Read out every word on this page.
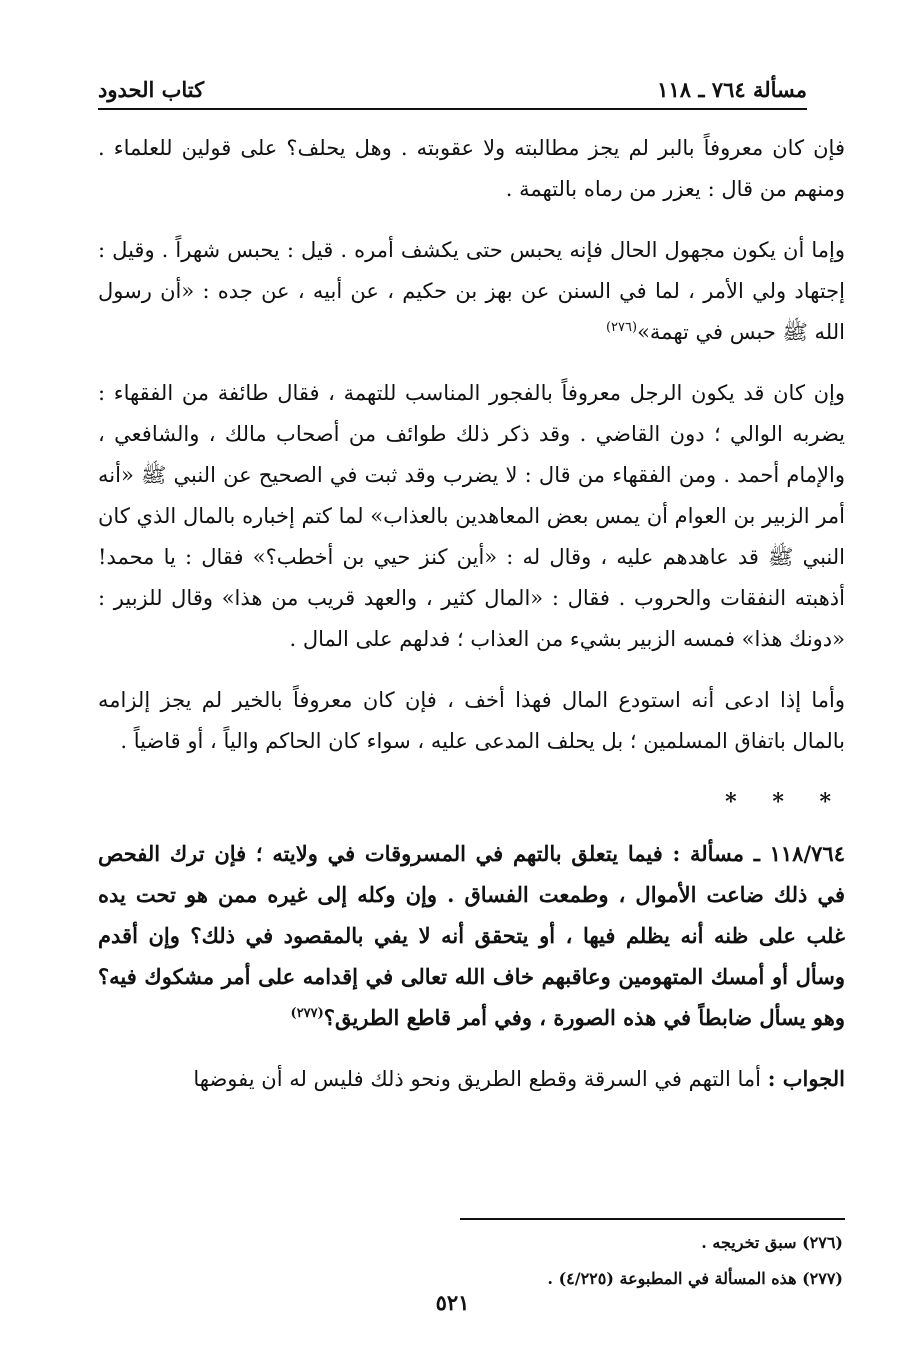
مسألة ٧٦٤ ـ ١١٨
كتاب الحدود

فإن كان معروفاً بالبر لم يجز مطالبته ولا عقوبته . وهل يحلف؟ على قولين للعلماء . ومنهم من قال : يعزر من رماه بالتهمة .

وإما أن يكون مجهول الحال فإنه يحبس حتى يكشف أمره . قيل : يحبس شهراً . وقيل : إجتهاد ولي الأمر ، لما في السنن عن بهز بن حكيم ، عن أبيه ، عن جده : «أن رسول الله ﷺ حبس في تهمة»$^{(٢٧٦)}$

وإن كان قد يكون الرجل معروفاً بالفجور المناسب للتهمة ، فقال طائفة من الفقهاء : يضربه الوالي ؛ دون القاضي . وقد ذكر ذلك طوائف من أصحاب مالك ، والشافعي ، والإمام أحمد . ومن الفقهاء من قال : لا يضرب وقد ثبت في الصحيح عن النبي ﷺ «أنه أمر الزبير بن العوام أن يمس بعض المعاهدين بالعذاب» لما كتم إخباره بالمال الذي كان النبي ﷺ قد عاهدهم عليه ، وقال له : «أين كنز حيي بن أخطب؟» فقال : يا محمد! أذهبته النفقات والحروب . فقال : «المال كثير ، والعهد قريب من هذا» وقال للزبير : «دونك هذا» فمسه الزبير بشيء من العذاب ؛ فدلهم على المال .

وأما إذا ادعى أنه استودع المال فهذا أخف ، فإن كان معروفاً بالخير لم يجز إلزامه بالمال باتفاق المسلمين ؛ بل يحلف المدعى عليه ، سواء كان الحاكم والياً ، أو قاضياً .

* * *

١١٨/٧٦٤ ـ مسألة : فيما يتعلق بالتهم في المسروقات في ولايته ؛ فإن ترك الفحص في ذلك ضاعت الأموال ، وطمعت الفساق . وإن وكله إلى غيره ممن هو تحت يده غلب على ظنه أنه يظلم فيها ، أو يتحقق أنه لا يفي بالمقصود في ذلك؟ وإن أقدم وسأل أو أمسك المتهومين وعاقبهم خاف الله تعالى في إقدامه على أمر مشكوك فيه؟ وهو يسأل ضابطاً في هذه الصورة ، وفي أمر قاطع الطريق؟$^{(٢٧٧)}$

الجواب : أما التهم في السرقة وقطع الطريق ونحو ذلك فليس له أن يفوضها

(٢٧٦) سبق تخريجه .
(٢٧٧) هذه المسألة في المطبوعة (٤/٢٢٥) .
٥٢١
